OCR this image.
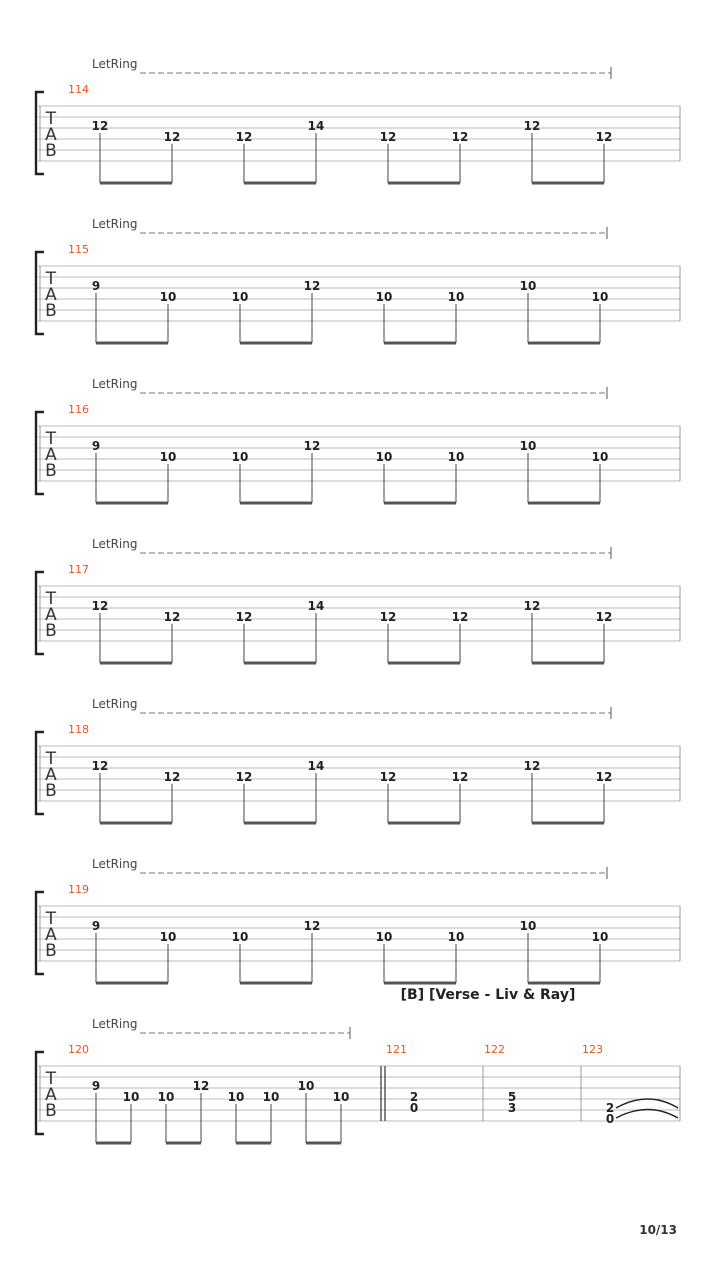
LetRing
T
A
B
114
12
12	12
14
12	12
12
12
LetRing
T
A
B
115
9
10	10
12
10	10
10
10
LetRing
T
A
B
116
9
10	10
12
10	10
10
10
LetRing
T
A
B
117
12
12	12
14
12	12
12
12
LetRing
T
A
B
118
12
12	12
14
12	12
12
12
LetRing
T
A
B
119
9
10	10
12
10	10
10
10
LetRing
T
A
B
[B] [Verse - Liv & Ray]
120
9
10 10
12
10 10
10
10
121
2
0
122
5
3
123
2
0
10/13
